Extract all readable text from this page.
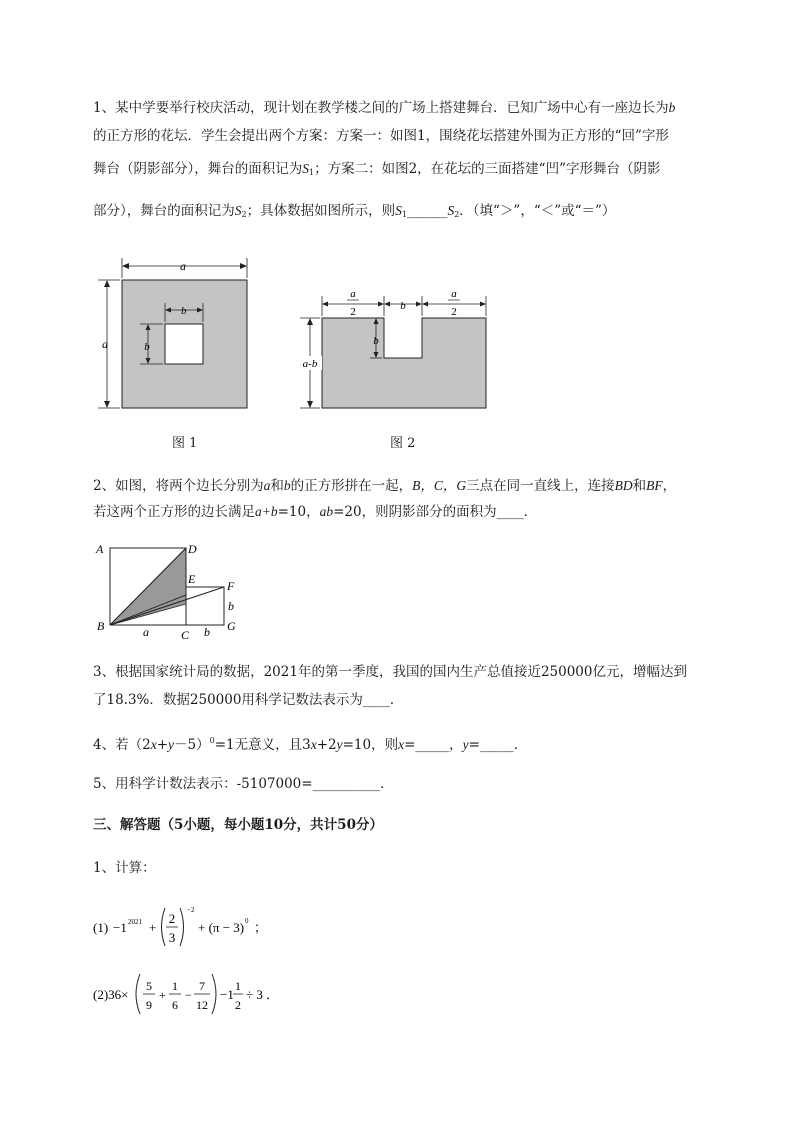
1、某中学要举行校庆活动，现计划在教学楼之间的广场上搭建舞台．已知广场中心有一座边长为b
的正方形的花坛．学生会提出两个方案：方案一：如图1，围绕花坛搭建外围为正方形的“回”字形
舞台（阴影部分），舞台的面积记为$S_1$；方案二：如图2，在花坛的三面搭建“凹”字形舞台（阴影
部分），舞台的面积记为$S_2$；具体数据如图所示，则$S_1\_\_\_\_\_\_S_2$．（填“＞”，“＜”或“＝”）
a
a
b
b
a
2	b
a
2
b
a-b
图 1	图 2
2、如图，将两个边长分别为a和b的正方形拼在一起，B，C，G三点在同一直线上，连接BD和BF，
若这两个正方形的边长满足a+b=10，ab=20，则阴影部分的面积为____．
A	D
E	F
B
C
G
a	b
b
3、根据国家统计局的数据，2021年的第一季度，我国的国内生产总值接近250000亿元，增幅达到
了18.3%．数据250000用科学记数法表示为____．
4、若$(2x+y-5)^0=1$无意义，且3x+2y=10，则x=_____，y=_____．
5、用科学计数法表示：-5107000=__________．
三、解答题（5小题，每小题10分，共计50分）
1、计算：
(1) −1 2021 +
2
3
−2
+ (π − 3) 0 ；
(2)36×
5
9
+
1
6
−
7
12
−1
1
2
÷ 3 ．
